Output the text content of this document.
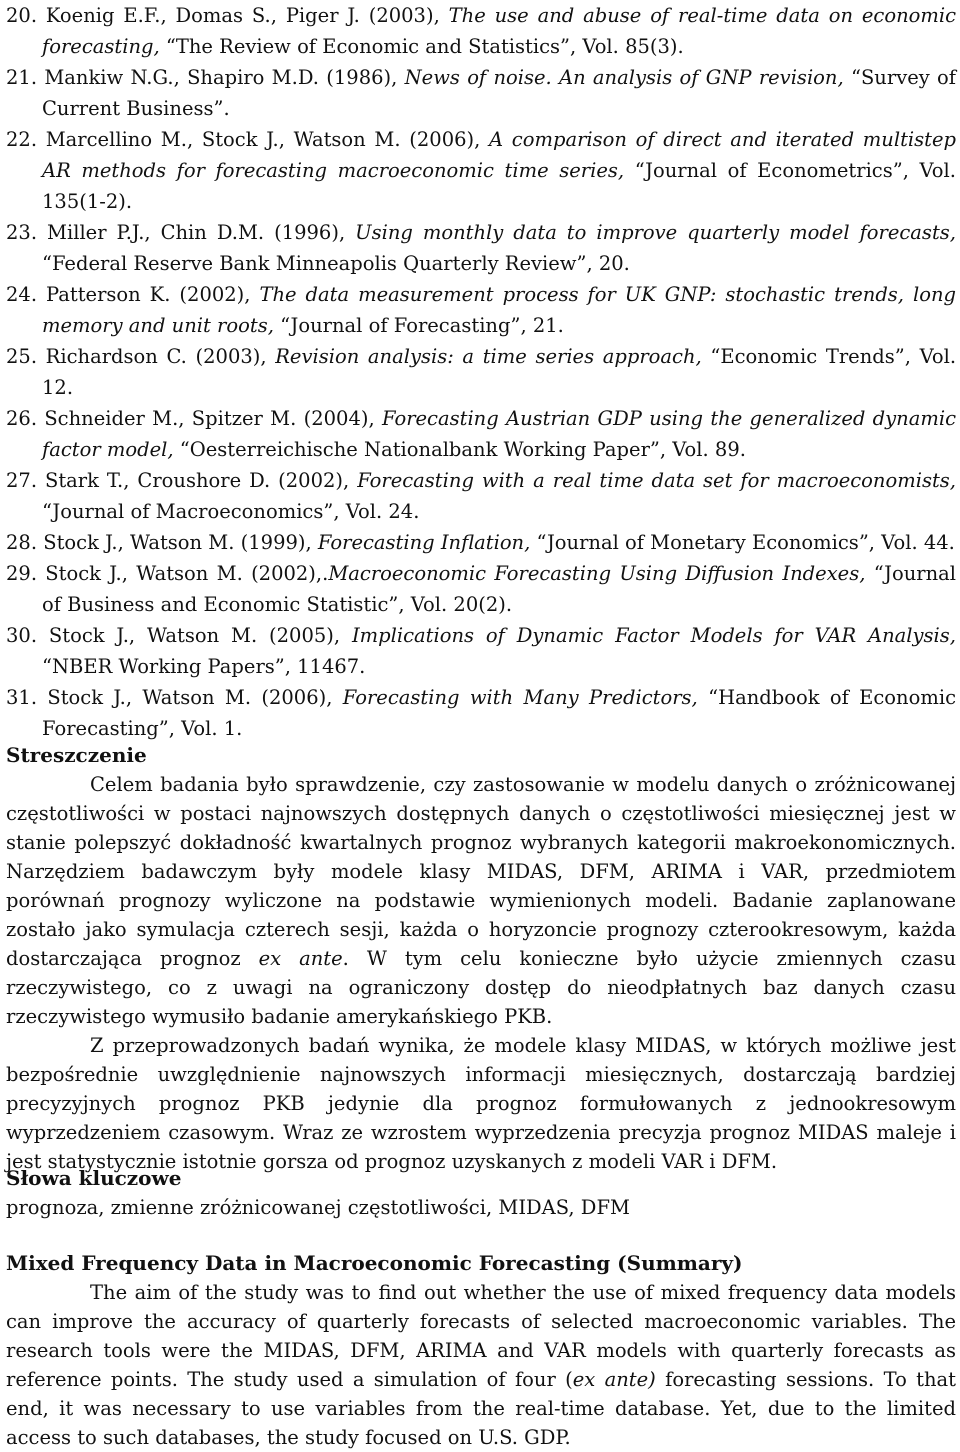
20. Koenig E.F., Domas S., Piger J. (2003), The use and abuse of real-time data on economic forecasting, “The Review of Economic and Statistics”, Vol. 85(3).

21. Mankiw N.G., Shapiro M.D. (1986), News of noise. An analysis of GNP revision, “Survey of Current Business”.

22. Marcellino M., Stock J., Watson M. (2006), A comparison of direct and iterated multistep AR methods for forecasting macroeconomic time series, “Journal of Econometrics”, Vol. 135(1-2).

23. Miller P.J., Chin D.M. (1996), Using monthly data to improve quarterly model forecasts, “Federal Reserve Bank Minneapolis Quarterly Review”, 20.

24. Patterson K. (2002), The data measurement process for UK GNP: stochastic trends, long memory and unit roots, “Journal of Forecasting”, 21.

25. Richardson C. (2003), Revision analysis: a time series approach, “Economic Trends”, Vol. 12.

26. Schneider M., Spitzer M. (2004), Forecasting Austrian GDP using the generalized dynamic factor model, “Oesterreichische Nationalbank Working Paper”, Vol. 89.

27. Stark T., Croushore D. (2002), Forecasting with a real time data set for macroeconomists, “Journal of Macroeconomics”, Vol. 24.

28. Stock J., Watson M. (1999), Forecasting Inflation, “Journal of Monetary Economics”, Vol. 44.

29. Stock J., Watson M. (2002),.Macroeconomic Forecasting Using Diffusion Indexes, “Journal of Business and Economic Statistic”, Vol. 20(2).

30. Stock J., Watson M. (2005), Implications of Dynamic Factor Models for VAR Analysis, “NBER Working Papers”, 11467.

31. Stock J., Watson M. (2006), Forecasting with Many Predictors, “Handbook of Economic Forecasting”, Vol. 1.

Streszczenie

Celem badania było sprawdzenie, czy zastosowanie w modelu danych o zróżnicowanej częstotliwości w postaci najnowszych dostępnych danych o częstotliwości miesięcznej jest w stanie polepszyć dokładność kwartalnych prognoz wybranych kategorii makroekonomicznych. Narzędziem badawczym były modele klasy MIDAS, DFM, ARIMA i VAR, przedmiotem porównań prognozy wyliczone na podstawie wymienionych modeli. Badanie zaplanowane zostało jako symulacja czterech sesji, każda o horyzoncie prognozy czterookresowym, każda dostarczająca prognoz ex ante. W tym celu konieczne było użycie zmiennych czasu rzeczywistego, co z uwagi na ograniczony dostęp do nieodpłatnych baz danych czasu rzeczywistego wymusiło badanie amerykańskiego PKB.

Z przeprowadzonych badań wynika, że modele klasy MIDAS, w których możliwe jest bezpośrednie uwzględnienie najnowszych informacji miesięcznych, dostarczają bardziej precyzyjnych prognoz PKB jedynie dla prognoz formułowanych z jednookresowym wyprzedzeniem czasowym. Wraz ze wzrostem wyprzedzenia precyzja prognoz MIDAS maleje i jest statystycznie istotnie gorsza od prognoz uzyskanych z modeli VAR i DFM.

Słowa kluczowe

prognoza, zmienne zróżnicowanej częstotliwości, MIDAS, DFM

Mixed Frequency Data in Macroeconomic Forecasting (Summary)

The aim of the study was to find out whether the use of mixed frequency data models can improve the accuracy of quarterly forecasts of selected macroeconomic variables. The research tools were the MIDAS, DFM, ARIMA and VAR models with quarterly forecasts as reference points. The study used a simulation of four (ex ante) forecasting sessions. To that end, it was necessary to use variables from the real-time database. Yet, due to the limited access to such databases, the study focused on U.S. GDP.
